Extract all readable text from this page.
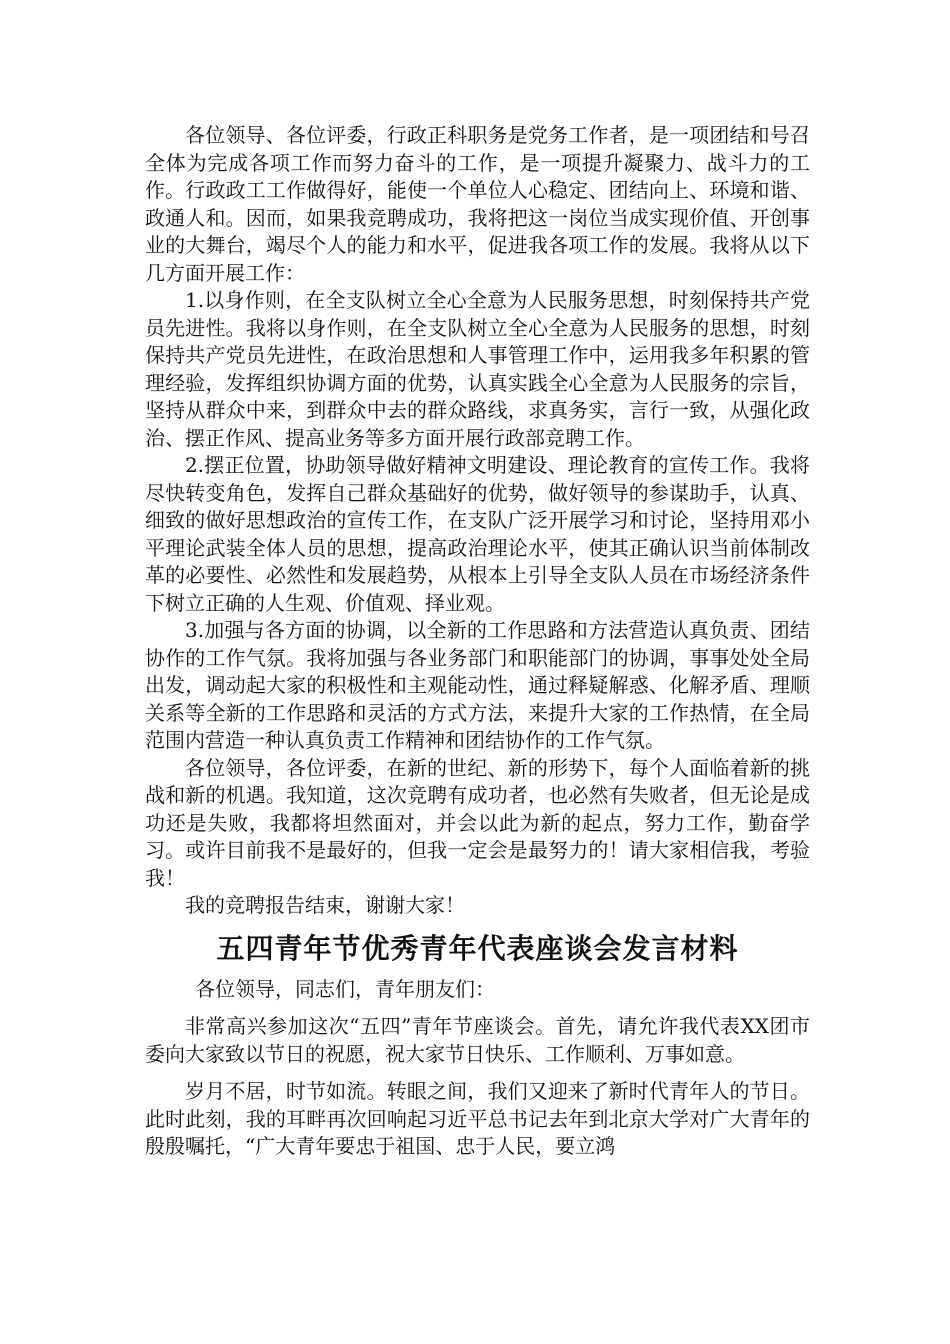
各位领导、各位评委，行政正科职务是党务工作者，是一项团结和号召全体为完成各项工作而努力奋斗的工作，是一项提升凝聚力、战斗力的工作。行政政工工作做得好，能使一个单位人心稳定、团结向上、环境和谐、政通人和。因而，如果我竞聘成功，我将把这一岗位当成实现价值、开创事业的大舞台，竭尽个人的能力和水平，促进我各项工作的发展。我将从以下几方面开展工作：

1.以身作则，在全支队树立全心全意为人民服务思想，时刻保持共产党员先进性。我将以身作则，在全支队树立全心全意为人民服务的思想，时刻保持共产党员先进性，在政治思想和人事管理工作中，运用我多年积累的管理经验，发挥组织协调方面的优势，认真实践全心全意为人民服务的宗旨，坚持从群众中来，到群众中去的群众路线，求真务实，言行一致，从强化政治、摆正作风、提高业务等多方面开展行政部竞聘工作。

2.摆正位置，协助领导做好精神文明建设、理论教育的宣传工作。我将尽快转变角色，发挥自己群众基础好的优势，做好领导的参谋助手，认真、细致的做好思想政治的宣传工作，在支队广泛开展学习和讨论，坚持用邓小平理论武装全体人员的思想，提高政治理论水平，使其正确认识当前体制改革的必要性、必然性和发展趋势，从根本上引导全支队人员在市场经济条件下树立正确的人生观、价值观、择业观。

3.加强与各方面的协调，以全新的工作思路和方法营造认真负责、团结协作的工作气氛。我将加强与各业务部门和职能部门的协调，事事处处全局出发，调动起大家的积极性和主观能动性，通过释疑解惑、化解矛盾、理顺关系等全新的工作思路和灵活的方式方法，来提升大家的工作热情，在全局范围内营造一种认真负责工作精神和团结协作的工作气氛。

各位领导，各位评委，在新的世纪、新的形势下，每个人面临着新的挑战和新的机遇。我知道，这次竞聘有成功者，也必然有失败者，但无论是成功还是失败，我都将坦然面对，并会以此为新的起点，努力工作，勤奋学习。或许目前我不是最好的，但我一定会是最努力的！请大家相信我，考验我！

我的竞聘报告结束，谢谢大家！

五四青年节优秀青年代表座谈会发言材料

各位领导，同志们，青年朋友们：

非常高兴参加这次“五四”青年节座谈会。首先，请允许我代表XX团市委向大家致以节日的祝愿，祝大家节日快乐、工作顺利、万事如意。

岁月不居，时节如流。转眼之间，我们又迎来了新时代青年人的节日。此时此刻，我的耳畔再次回响起习近平总书记去年到北京大学对广大青年的殷殷嘱托，“广大青年要忠于祖国、忠于人民，要立鸿
